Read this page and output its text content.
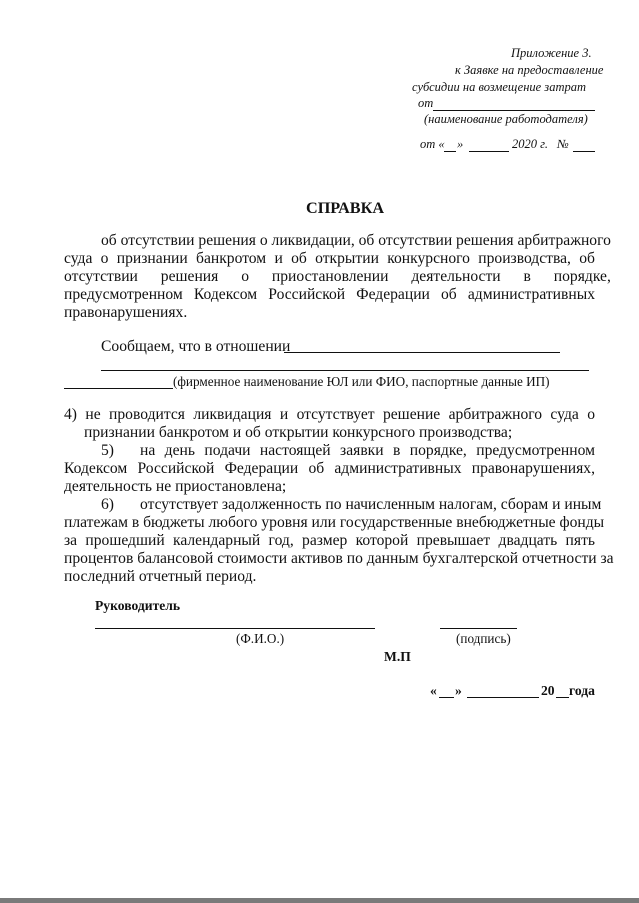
Приложение 3.
к Заявке на предоставление
субсидии на возмещение затрат
от
(наименование работодателя)
от « »	2020 г. №
СПРАВКА
об отсутствии решения о ликвидации, об отсутствии решения арбитражного
суда о признании банкротом и об открытии конкурсного производства, об
отсутствии решения о приостановлении деятельности в порядке,
предусмотренном Кодексом Российской Федерации об административных
правонарушениях.
Сообщаем, что в отношении
(фирменное наименование ЮЛ или ФИО, паспортные данные ИП)
4) не проводится ликвидация и отсутствует решение арбитражного суда о
признании банкротом и об открытии конкурсного производства;
5) на день подачи настоящей заявки в порядке, предусмотренном
Кодексом Российской Федерации об административных правонарушениях,
деятельность не приостановлена;
6) отсутствует задолженность по начисленным налогам, сборам и иным
платежам в бюджеты любого уровня или государственные внебюджетные фонды
за прошедший календарный год, размер которой превышает двадцать пять
процентов балансовой стоимости активов по данным бухгалтерской отчетности за
последний отчетный период.
Руководитель
(Ф.И.О.)	(подпись)
М.П
« »	20 года
